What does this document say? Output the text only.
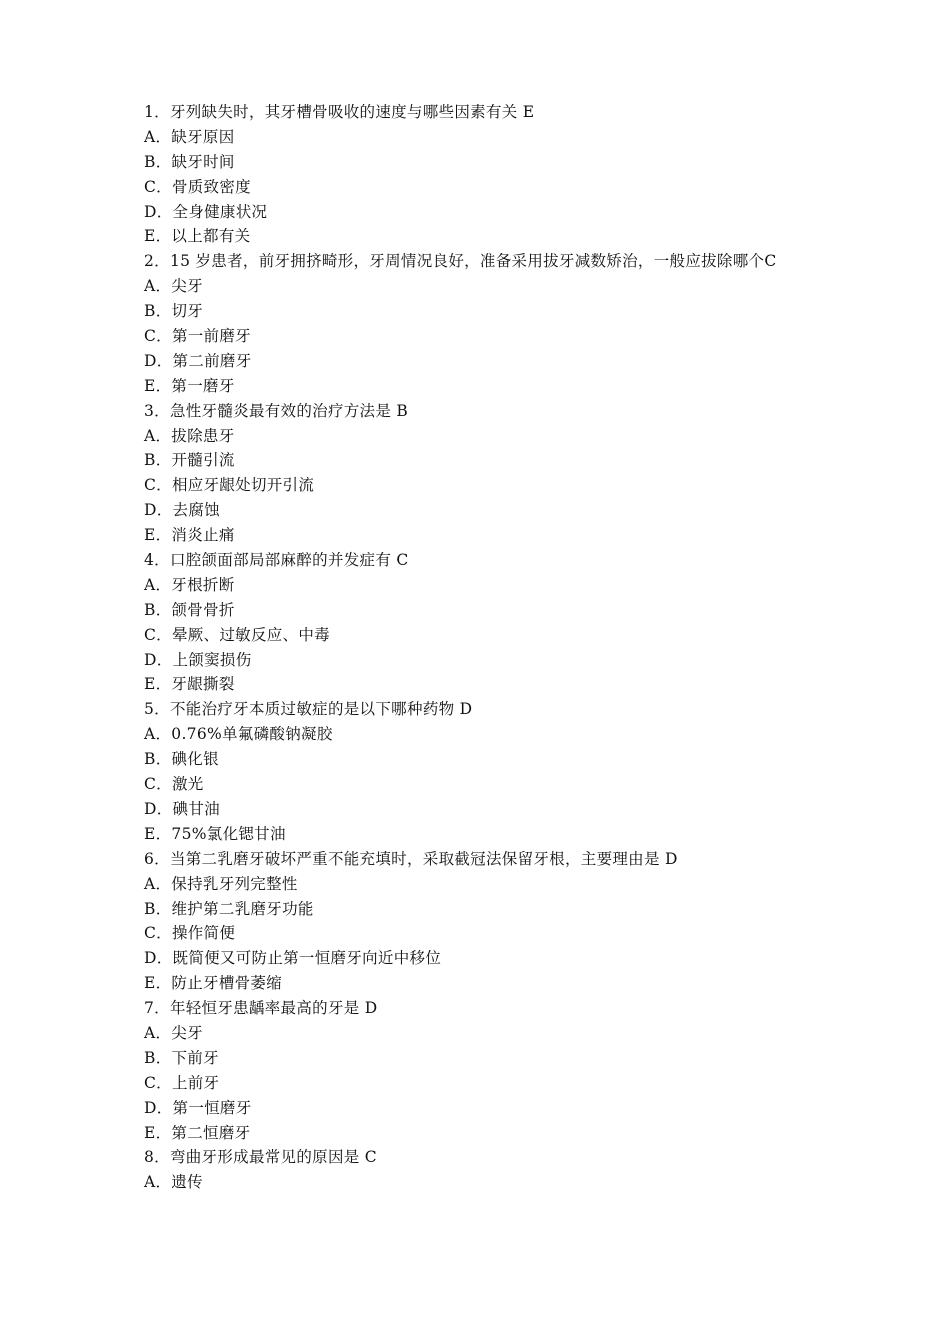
1．牙列缺失时，其牙槽骨吸收的速度与哪些因素有关 E
A．缺牙原因
B．缺牙时间
C．骨质致密度
D．全身健康状况
E．以上都有关
2．15 岁患者，前牙拥挤畸形，牙周情况良好，准备采用拔牙减数矫治，一般应拔除哪个C
A．尖牙
B．切牙
C．第一前磨牙
D．第二前磨牙
E．第一磨牙
3．急性牙髓炎最有效的治疗方法是 B
A．拔除患牙
B．开髓引流
C．相应牙龈处切开引流
D．去腐蚀
E．消炎止痛
4．口腔颌面部局部麻醉的并发症有 C
A．牙根折断
B．颌骨骨折
C．晕厥、过敏反应、中毒
D．上颌窦损伤
E．牙龈撕裂
5．不能治疗牙本质过敏症的是以下哪种药物 D
A．0.76%单氟磷酸钠凝胶
B．碘化银
C．激光
D．碘甘油
E．75%氯化锶甘油
6．当第二乳磨牙破坏严重不能充填时，采取截冠法保留牙根，主要理由是 D
A．保持乳牙列完整性
B．维护第二乳磨牙功能
C．操作简便
D．既简便又可防止第一恒磨牙向近中移位
E．防止牙槽骨萎缩
7．年轻恒牙患龋率最高的牙是 D
A．尖牙
B．下前牙
C．上前牙
D．第一恒磨牙
E．第二恒磨牙
8．弯曲牙形成最常见的原因是 C
A．遗传
